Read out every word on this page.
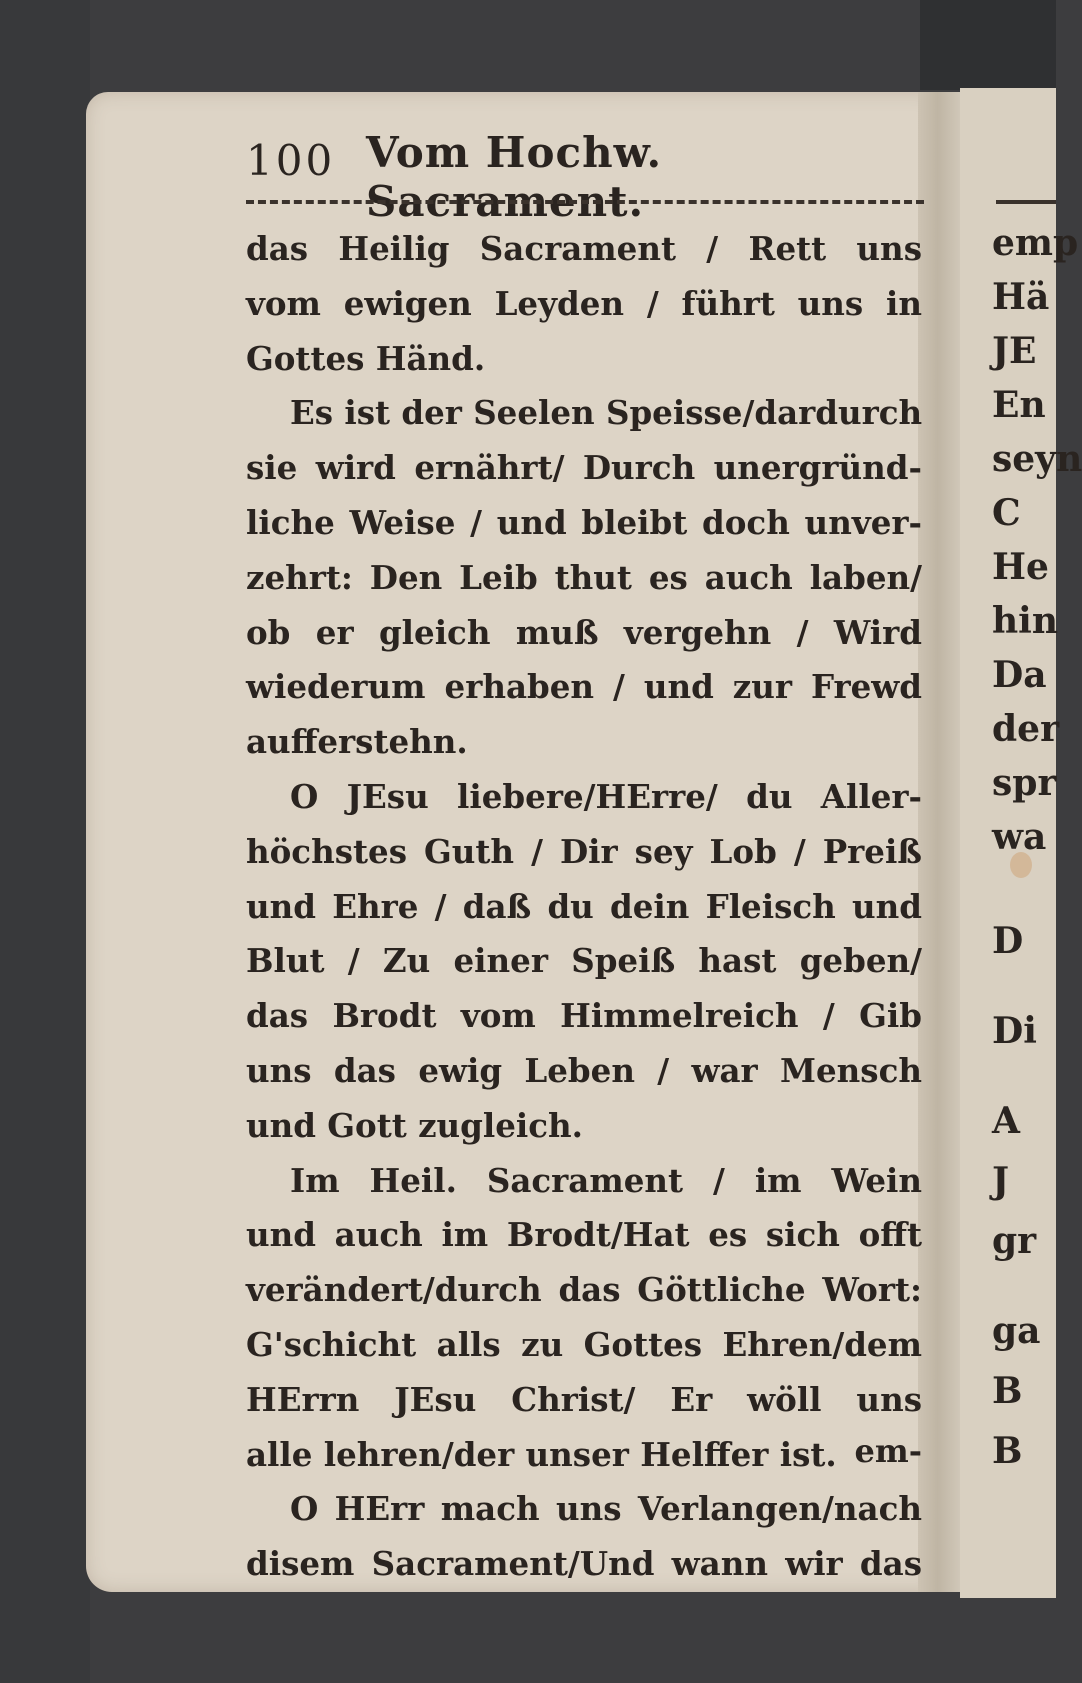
100 Vom Hochw. Sacrament.
das Heilig Sacrament / Rett uns
vom ewigen Leyden / führt uns in
Gottes Händ.
Es ist der Seelen Speisse/dardurch
sie wird ernährt/ Durch unergründ-
liche Weise / und bleibt doch unver-
zehrt: Den Leib thut es auch laben/
ob er gleich muß vergehn / Wird
wiederum erhaben / und zur Frewd
aufferstehn.
O JEsu liebere/HErre/ du Aller-
höchstes Guth / Dir sey Lob / Preiß
und Ehre / daß du dein Fleisch und
Blut / Zu einer Speiß hast geben/
das Brodt vom Himmelreich / Gib
uns das ewig Leben / war Mensch
und Gott zugleich.
Im Heil. Sacrament / im Wein
und auch im Brodt/Hat es sich offt
verändert/durch das Göttliche Wort:
G'schicht alls zu Gottes Ehren/dem
HErrn JEsu Christ/ Er wöll uns
alle lehren/der unser Helffer ist.
O HErr mach uns Verlangen/nach
disem Sacrament/Und wann wir das
em-
emp
Hä
JE
En
seyn
C
He
hin
Da
der
spr
wa
D
Di
A
J
gr
ga
B
B
